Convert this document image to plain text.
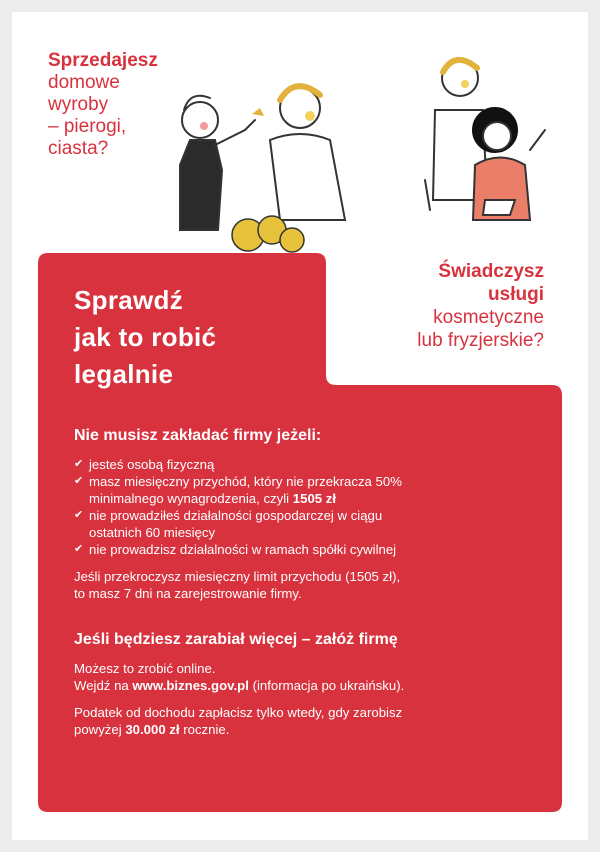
Sprzedajesz
domowe
wyroby
– pierogi,
ciasta?
Świadczysz
usługi
kosmetyczne
lub fryzjerskie?
Sprawdź
jak to robić
legalnie
Nie musisz zakładać firmy jeżeli:
✔ jesteś osobą fizyczną
✔ masz miesięczny przychód, który nie przekracza 50%
minimalnego wynagrodzenia, czyli 1505 zł
✔ nie prowadziłeś działalności gospodarczej w ciągu
ostatnich 60 miesięcy
✔ nie prowadzisz działalności w ramach spółki cywilnej
Jeśli przekroczysz miesięczny limit przychodu (1505 zł),
to masz 7 dni na zarejestrowanie firmy.
Jeśli będziesz zarabiał więcej – załóż firmę
Możesz to zrobić online.
Wejdź na www.biznes.gov.pl (informacja po ukraińsku).
Podatek od dochodu zapłacisz tylko wtedy, gdy zarobisz
powyżej 30.000 zł rocznie.
